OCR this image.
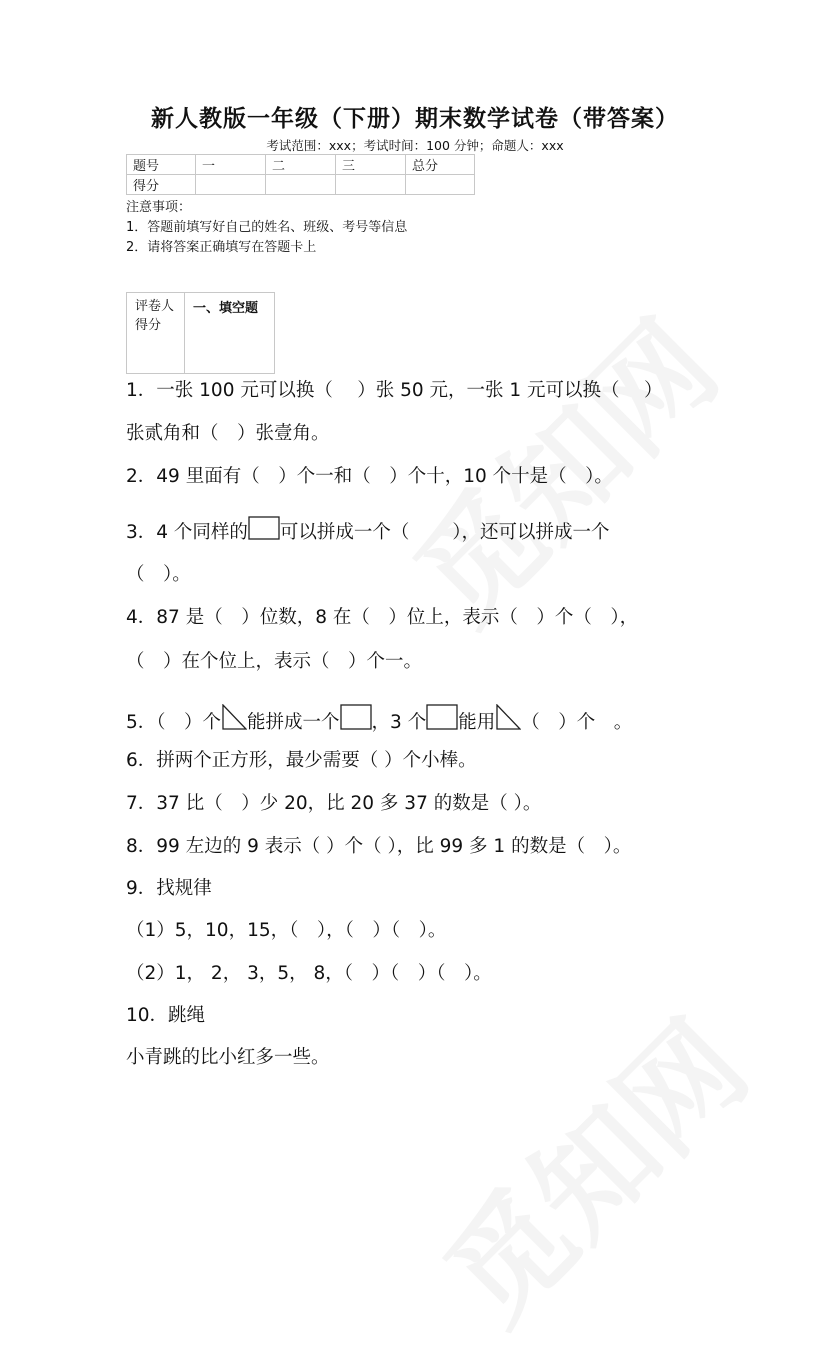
新人教版一年级（下册）期末数学试卷（带答案）
考试范围：xxx；考试时间：100 分钟；命题人：xxx
题号	一	二	三	总分
得分				
注意事项：
1．答题前填写好自己的姓名、班级、考号等信息
2．请将答案正确填写在答题卡上
评卷人
得分
一、填空题
1．一张 100 元可以换（　 ）张 50 元，一张 1 元可以换（　 ）
张贰角和（　）张壹角。
2．49 里面有（　）个一和（　）个十，10 个十是（　）。
3．4 个同样的 可以拼成一个（　　 ），还可以拼成一个
（　）。
4．87 是（　）位数，8 在（　）位上，表示（　）个（　），
（　）在个位上，表示（　）个一。
5．（　）个 能拼成一个 ，3 个 能用 （　）个　。
6．拼两个正方形，最少需要（ ）个小棒。
7．37 比（　）少 20，比 20 多 37 的数是（ ）。
8．99 左边的 9 表示（ ）个（ ），比 99 多 1 的数是（　）。
9．找规律
（1）5，10，15，（　），（　）（　）。
（2）1， 2， 3，5， 8，（　）（　）（　）。
10．跳绳
小青跳的比小红多一些。
